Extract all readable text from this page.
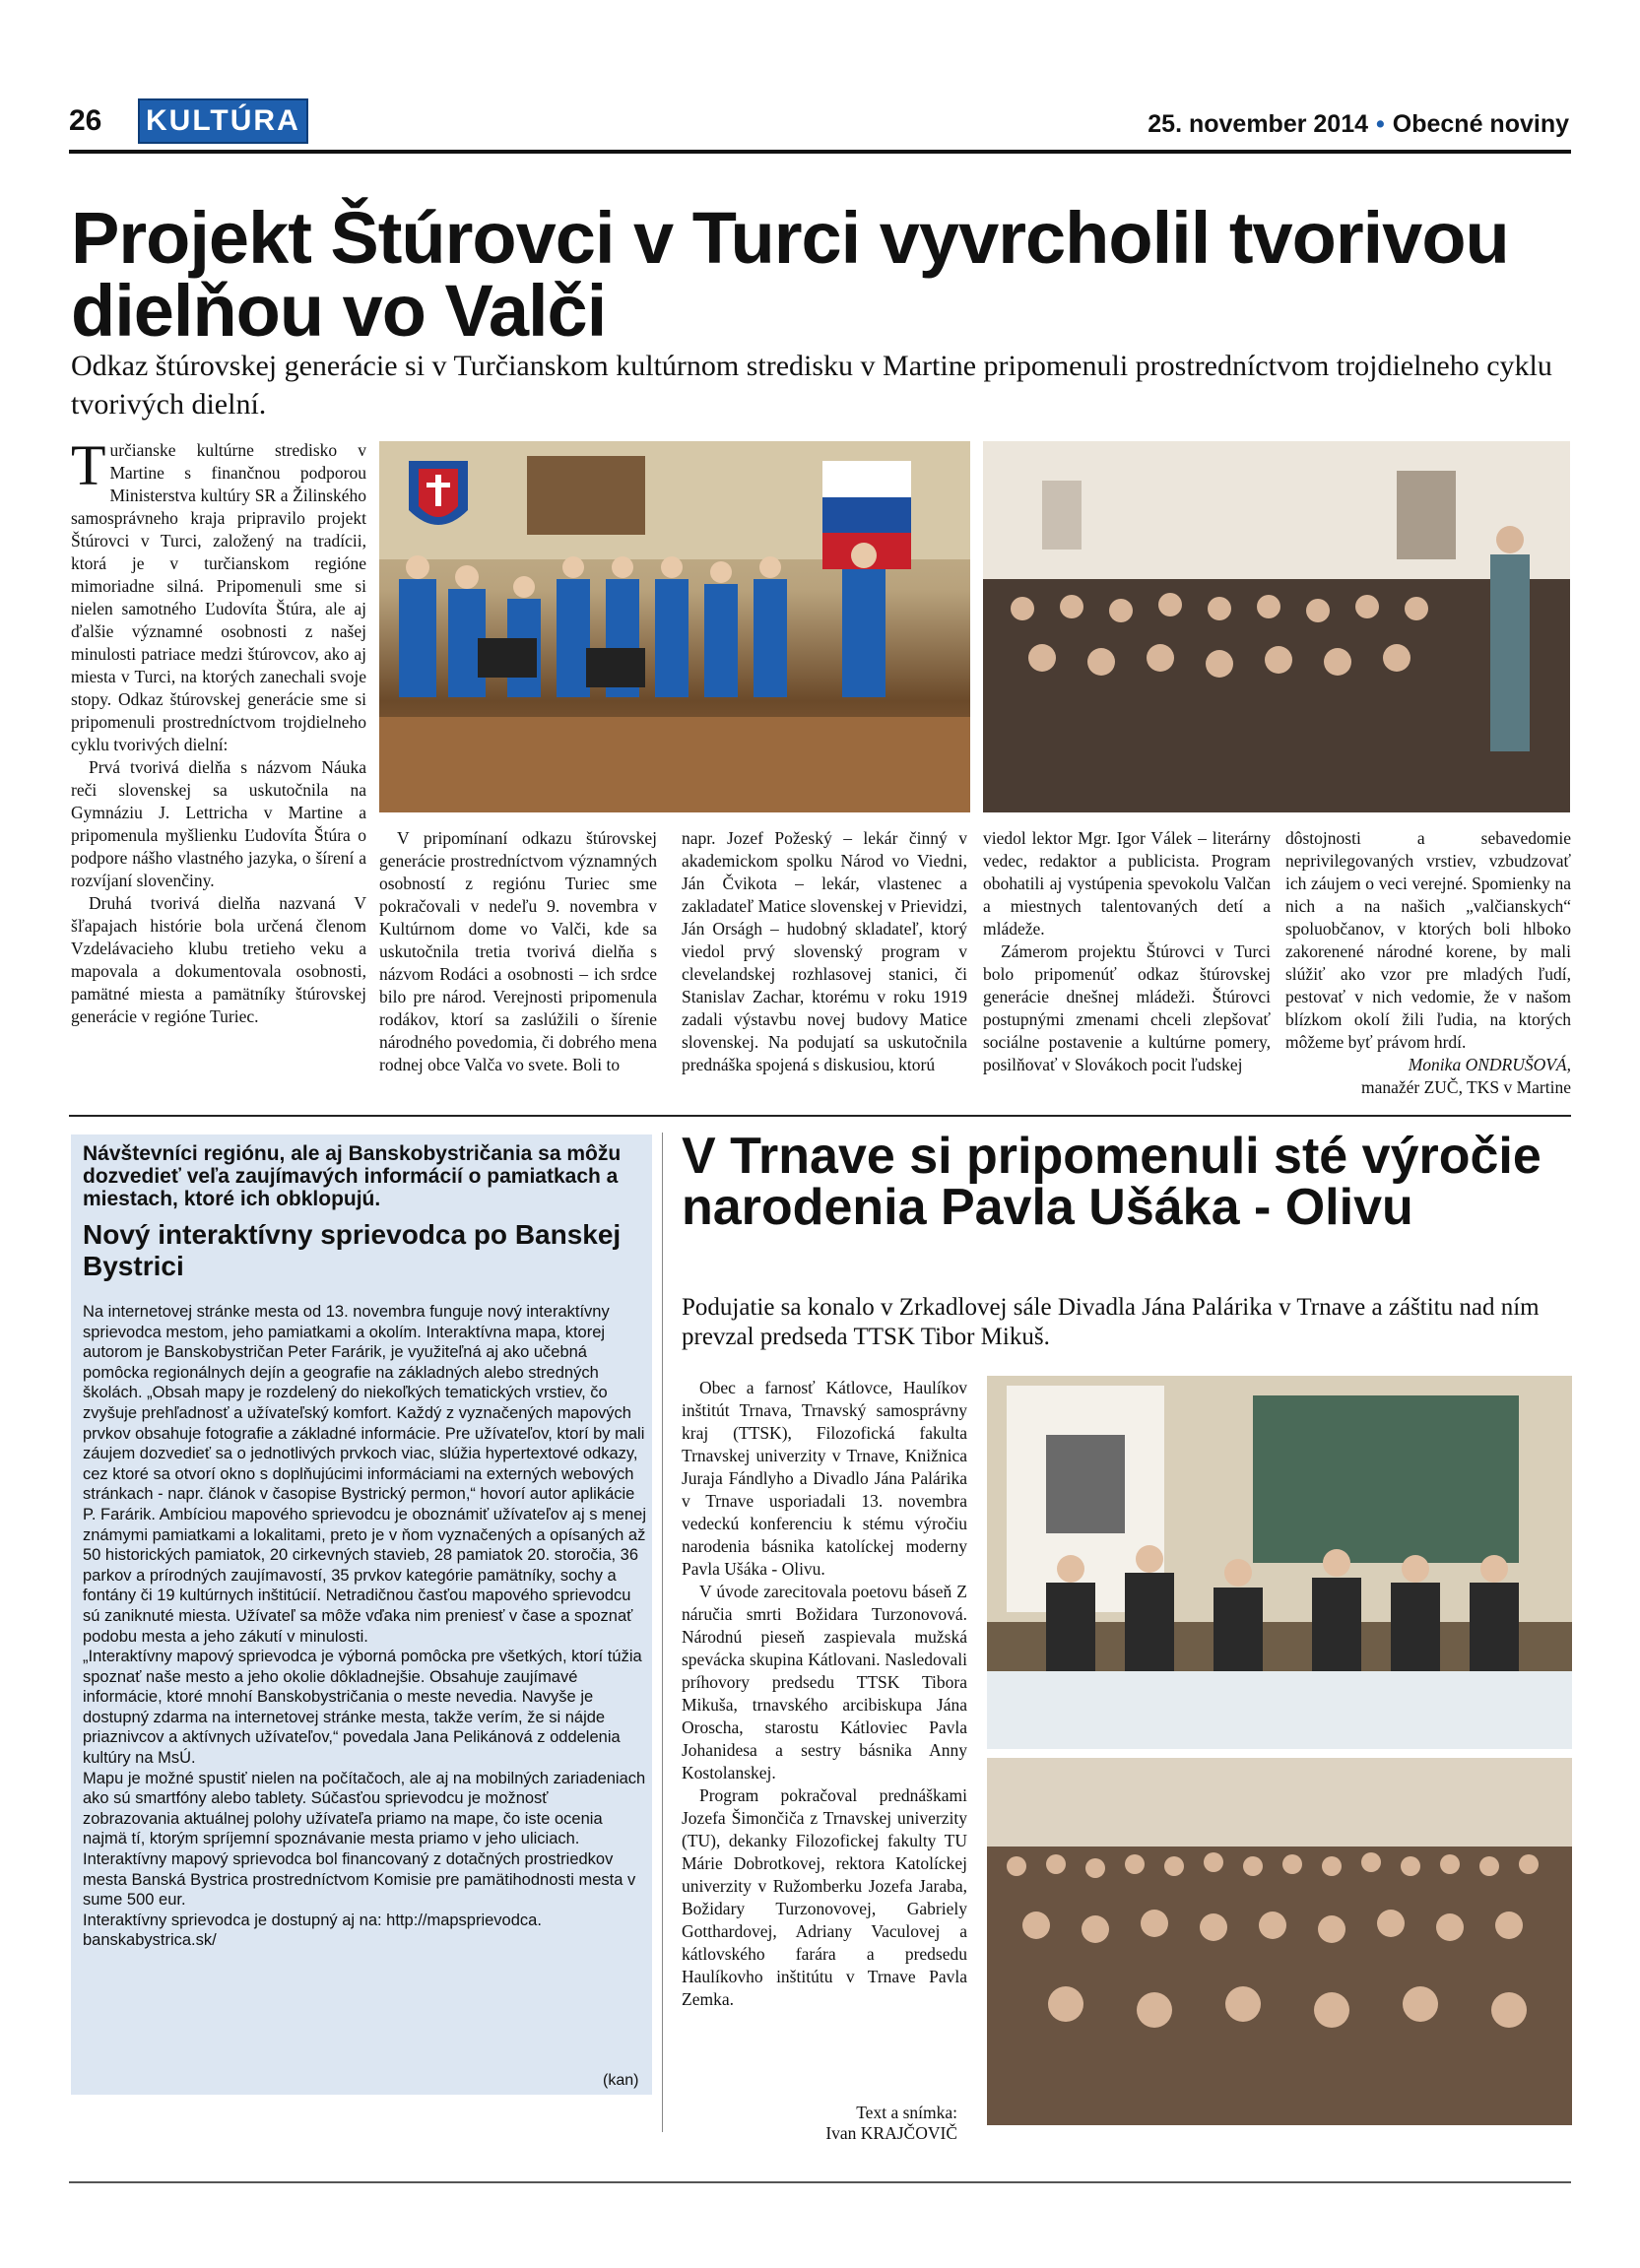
26 KULTÚRA	25. november 2014 • Obecné noviny
Projekt Štúrovci v Turci vyvrcholil tvorivou dielňou vo Valči
Odkaz štúrovskej generácie si v Turčianskom kultúrnom stredisku v Martine pripomenuli prostredníctvom trojdielneho cyklu tvorivých dielní.

Turčianske kultúrne stredisko v Martine s finančnou podporou Ministerstva kultúry SR a Žilinského samosprávneho kraja pripravilo projekt Štúrovci v Turci, založený na tradícii, ktorá je v turčianskom regióne mimoriadne silná. Pripomenuli sme si nielen samotného Ľudovíta Štúra, ale aj ďalšie významné osobnosti z našej minulosti patriace medzi štúrovcov, ako aj miesta v Turci, na ktorých zanechali svoje stopy. Odkaz štúrovskej generácie sme si pripomenuli prostredníctvom trojdielneho cyklu tvorivých dielní:

Prvá tvorivá dielňa s názvom Náuka reči slovenskej sa uskutočnila na Gymnáziu J. Lettricha v Martine a pripomenula myšlienku Ľudovíta Štúra o podpore nášho vlastného jazyka, o šírení a rozvíjaní slovenčiny.

Druhá tvorivá dielňa nazvaná V šľapajach histórie bola určená členom Vzdelávacieho klubu tretieho veku a mapovala a dokumentovala osobnosti, pamätné miesta a pamätníky štúrovskej generácie v regióne Turiec.

V pripomínaní odkazu štúrovskej generácie prostredníctvom významných osobností z regiónu Turiec sme pokračovali v nedeľu 9. novembra v Kultúrnom dome vo Valči, kde sa uskutočnila tretia tvorivá dielňa s názvom Rodáci a osobnosti – ich srdce bilo pre národ. Verejnosti pripomenula rodákov, ktorí sa zaslúžili o šírenie národného povedomia, či dobrého mena rodnej obce Valča vo svete. Boli to

napr. Jozef Požeský – lekár činný v akademickom spolku Národ vo Viedni, Ján Čvikota – lekár, vlastenec a zakladateľ Matice slovenskej v Prievidzi, Ján Orságh – hudobný skladateľ, ktorý viedol prvý slovenský program v clevelandskej rozhlasovej stanici, či Stanislav Zachar, ktorému v roku 1919 zadali výstavbu novej budovy Matice slovenskej. Na podujatí sa uskutočnila prednáška spojená s diskusiou, ktorú

viedol lektor Mgr. Igor Válek – literárny vedec, redaktor a publicista. Program obohatili aj vystúpenia spevokolu Valčan a miestnych talentovaných detí a mládeže.

Zámerom projektu Štúrovci v Turci bolo pripomenúť odkaz štúrovskej generácie dnešnej mládeži. Štúrovci postupnými zmenami chceli zlepšovať sociálne postavenie a kultúrne pomery, posilňovať v Slovákoch pocit ľudskej

dôstojnosti a sebavedomie neprivilegovaných vrstiev, vzbudzovať ich záujem o veci verejné. Spomienky na nich a na našich „valčianskych“ spoluobčanov, v ktorých boli hlboko zakorenené národné korene, by mali slúžiť ako vzor pre mladých ľudí, pestovať v nich vedomie, že v našom blízkom okolí žili ľudia, na ktorých môžeme byť právom hrdí.

Monika ONDRUŠOVÁ,
manažér ZUČ, TKS v Martine
Návštevníci regiónu, ale aj Banskobystričania sa môžu dozvedieť veľa zaujímavých informácií o pamiatkach a miestach, ktoré ich obklopujú.
Nový interaktívny sprievodca po Banskej Bystrici

Na internetovej stránke mesta od 13. novembra funguje nový interaktívny sprievodca mestom, jeho pamiatkami a okolím. Interaktívna mapa, ktorej autorom je Banskobystričan Peter Farárik, je využiteľná aj ako učebná pomôcka regionálnych dejín a geografie na základných alebo stredných školách. „Obsah mapy je rozdelený do niekoľkých tematických vrstiev, čo zvyšuje prehľadnosť a užívateľský komfort. Každý z vyznačených mapových prvkov obsahuje fotografie a základné informácie. Pre užívateľov, ktorí by mali záujem dozvedieť sa o jednotlivých prvkoch viac, slúžia hypertextové odkazy, cez ktoré sa otvorí okno s doplňujúcimi informáciami na externých webových stránkach - napr. článok v časopise Bystrický permon,“ hovorí autor aplikácie P. Farárik. Ambíciou mapového sprievodcu je oboznámiť užívateľov aj s menej známymi pamiatkami a lokalitami, preto je v ňom vyznačených a opísaných až 50 historických pamiatok, 20 cirkevných stavieb, 28 pamiatok 20. storočia, 36 parkov a prírodných zaujímavostí, 35 prvkov kategórie pamätníky, sochy a fontány či 19 kultúrnych inštitúcií. Netradičnou časťou mapového sprievodcu sú zaniknuté miesta. Užívateľ sa môže vďaka nim preniesť v čase a spoznať podobu mesta a jeho zákutí v minulosti.

„Interaktívny mapový sprievodca je výborná pomôcka pre všetkých, ktorí túžia spoznať naše mesto a jeho okolie dôkladnejšie. Obsahuje zaujímavé informácie, ktoré mnohí Banskobystričania o meste nevedia. Navyše je dostupný zdarma na internetovej stránke mesta, takže verím, že si nájde priaznivcov a aktívnych užívateľov,“ povedala Jana Pelikánová z oddelenia kultúry na MsÚ.

Mapu je možné spustiť nielen na počítačoch, ale aj na mobilných zariadeniach ako sú smartfóny alebo tablety. Súčasťou sprievodcu je možnosť zobrazovania aktuálnej polohy užívateľa priamo na mape, čo iste ocenia najmä tí, ktorým spríjemní spoznávanie mesta priamo v jeho uliciach.

Interaktívny mapový sprievodca bol financovaný z dotačných prostriedkov mesta Banská Bystrica prostredníctvom Komisie pre pamätihodnosti mesta v sume 500 eur.

Interaktívny sprievodca je dostupný aj na: http://mapsprievodca. banskabystrica.sk/

(kan)
V Trnave si pripomenuli sté výročie narodenia Pavla Ušáka - Olivu
Podujatie sa konalo v Zrkadlovej sále Divadla Jána Palárika v Trnave a záštitu nad ním prevzal predseda TTSK Tibor Mikuš.

Obec a farnosť Kátlovce, Haulíkov inštitút Trnava, Trnavský samosprávny kraj (TTSK), Filozofická fakulta Trnavskej univerzity v Trnave, Knižnica Juraja Fándlyho a Divadlo Jána Palárika v Trnave usporiadali 13. novembra vedeckú konferenciu k stému výročiu narodenia básnika katolíckej moderny Pavla Ušáka - Olivu.

V úvode zarecitovala poetovu báseň Z náručia smrti Božidara Turzonovová. Národnú pieseň zaspievala mužská spevácka skupina Kátlovani. Nasledovali príhovory predsedu TTSK Tibora Mikuša, trnavského arcibiskupa Jána Oroscha, starostu Kátloviec Pavla Johanidesa a sestry básnika Anny Kostolanskej.

Program pokračoval prednáškami Jozefa Šimončiča z Trnavskej univerzity (TU), dekanky Filozofickej fakulty TU Márie Dobrotkovej, rektora Katolíckej univerzity v Ružomberku Jozefa Jaraba, Božidary Turzonovovej, Gabriely Gotthardovej, Adriany Vaculovej a kátlovského farára a predsedu Haulíkovho inštitútu v Trnave Pavla Zemka.

Text a snímka:
Ivan KRAJČOVIČ
